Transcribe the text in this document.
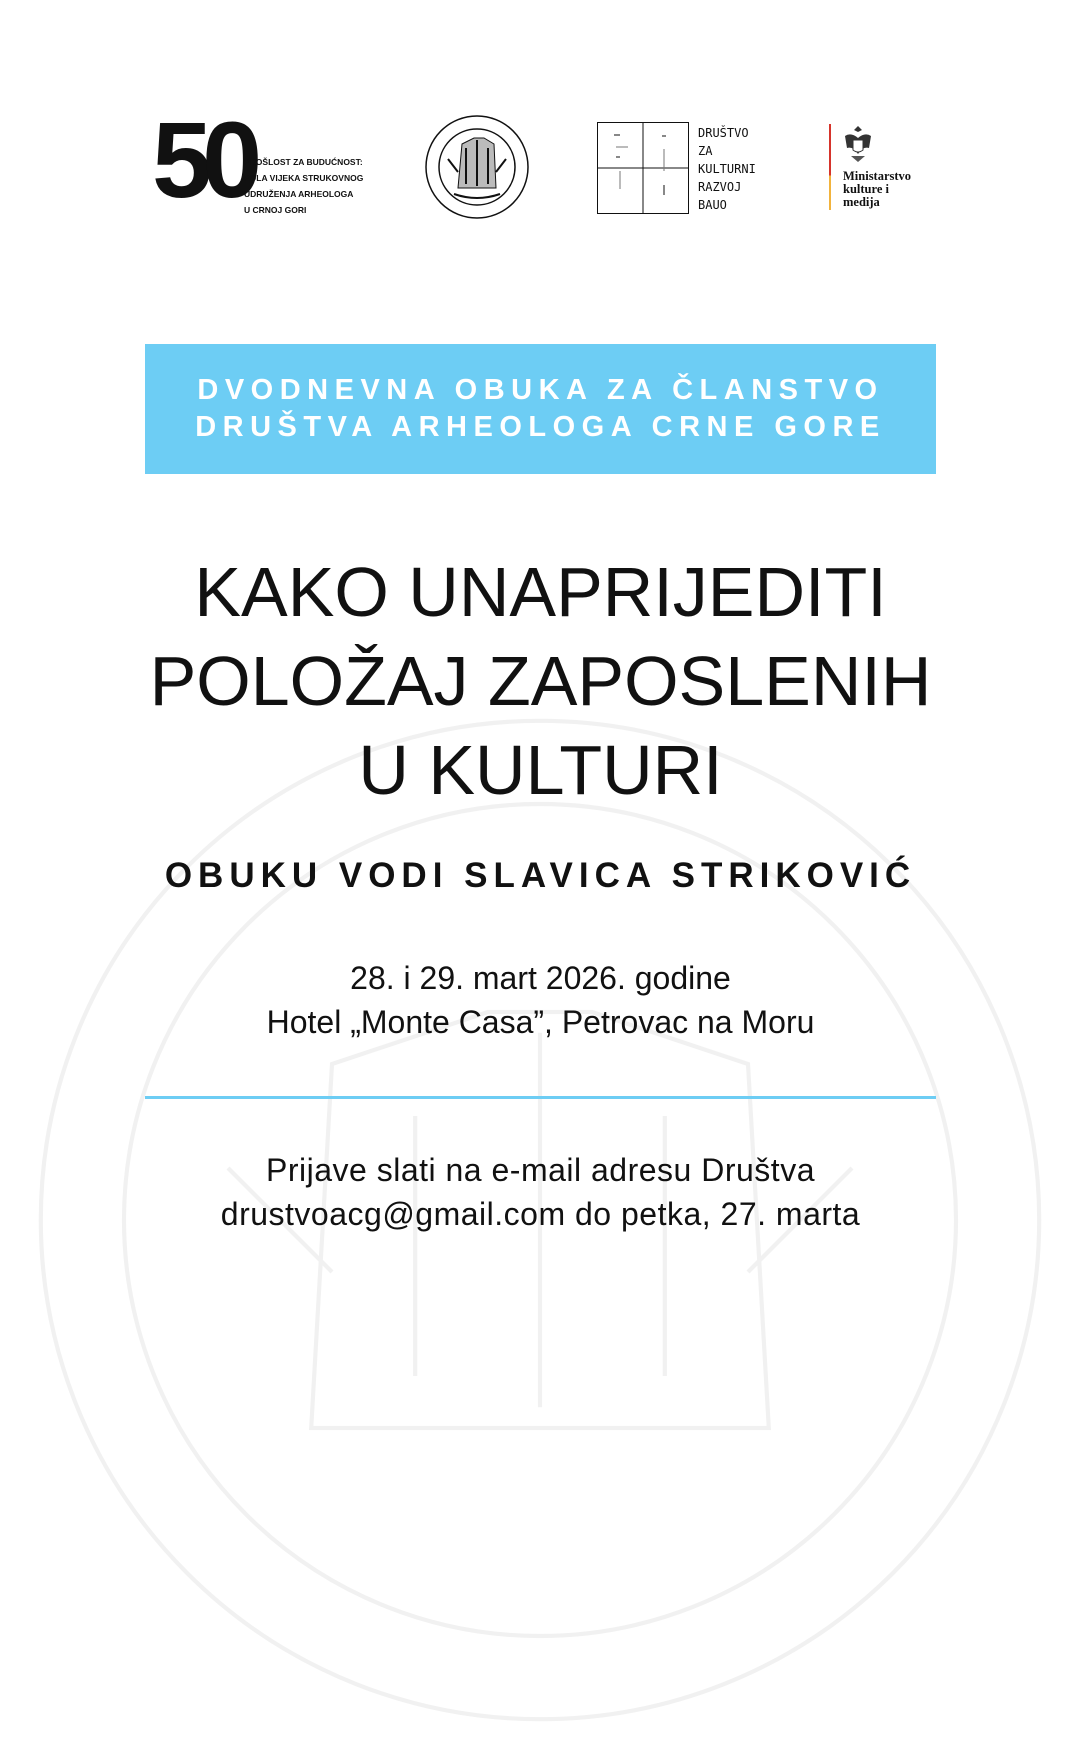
50
PROŠLOST ZA BUDUĆNOST:
POLA VIJEKA STRUKOVNOG
UDRUŽENJA ARHEOLOGA
U CRNOJ GORI
DRUŠTVO
ZA
KULTURNI
RAZVOJ
BAUO
Ministarstvo
kulture i
medija
DVODNEVNA OBUKA ZA ČLANSTVO
DRUŠTVA ARHEOLOGA CRNE GORE
KAKO UNAPRIJEDITI
POLOŽAJ ZAPOSLENIH
U KULTURI
OBUKU VODI SLAVICA STRIKOVIĆ
28. i 29. mart 2026. godine
Hotel „Monte Casa”, Petrovac na Moru
Prijave slati na e-mail adresu Društva
drustvoacg@gmail.com do petka, 27. marta
